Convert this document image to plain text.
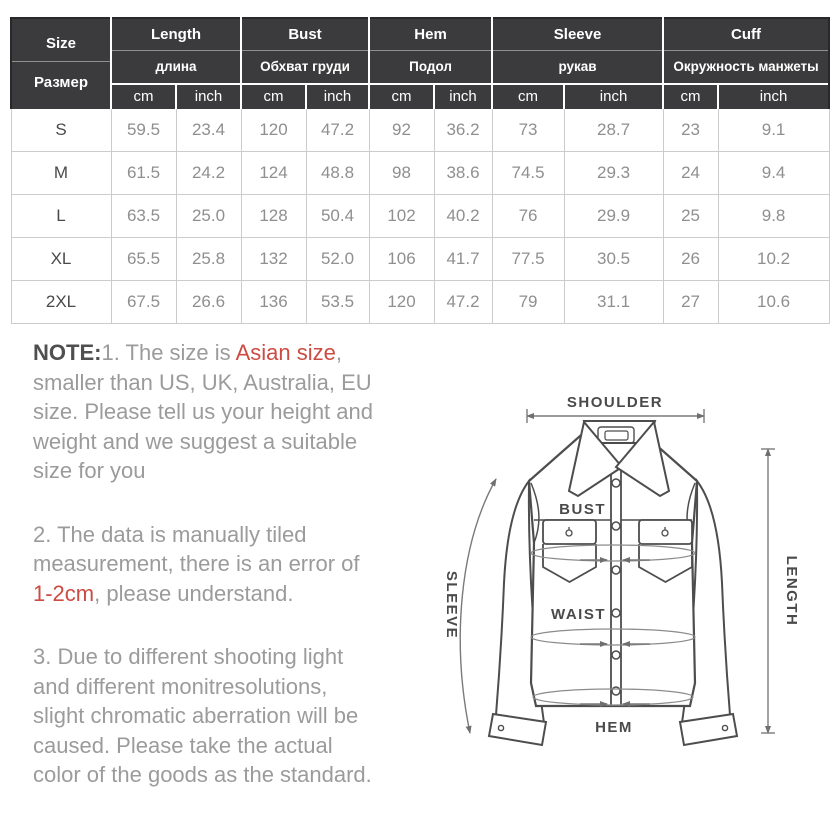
Size
Размер

Length
длина

Bust
Обхват груди

Hem
Подол

Sleeve
рукав

Cuff
Окружность манжеты

	cm	inch	cm	inch	cm	inch	cm	inch	cm	inch
S	59.5	23.4	120	47.2	92	36.2	73	28.7	23	9.1
M	61.5	24.2	124	48.8	98	38.6	74.5	29.3	24	9.4
L	63.5	25.0	128	50.4	102	40.2	76	29.9	25	9.8
XL	65.5	25.8	132	52.0	106	41.7	77.5	30.5	26	10.2
2XL	67.5	26.6	136	53.5	120	47.2	79	31.1	27	10.6

NOTE:1. The size is Asian size, smaller than US, UK, Australia, EU size. Please tell us your height and weight and we suggest a suitable size for you

2. The data is manually tiled measurement, there is an error of 1-2cm, please understand.

3. Due to different shooting light and different monitresolutions, slight chromatic aberration will be caused. Please take the actual color of the goods as the standard.

SHOULDER
BUST
WAIST
HEM
SLEEVE	LENGTH
